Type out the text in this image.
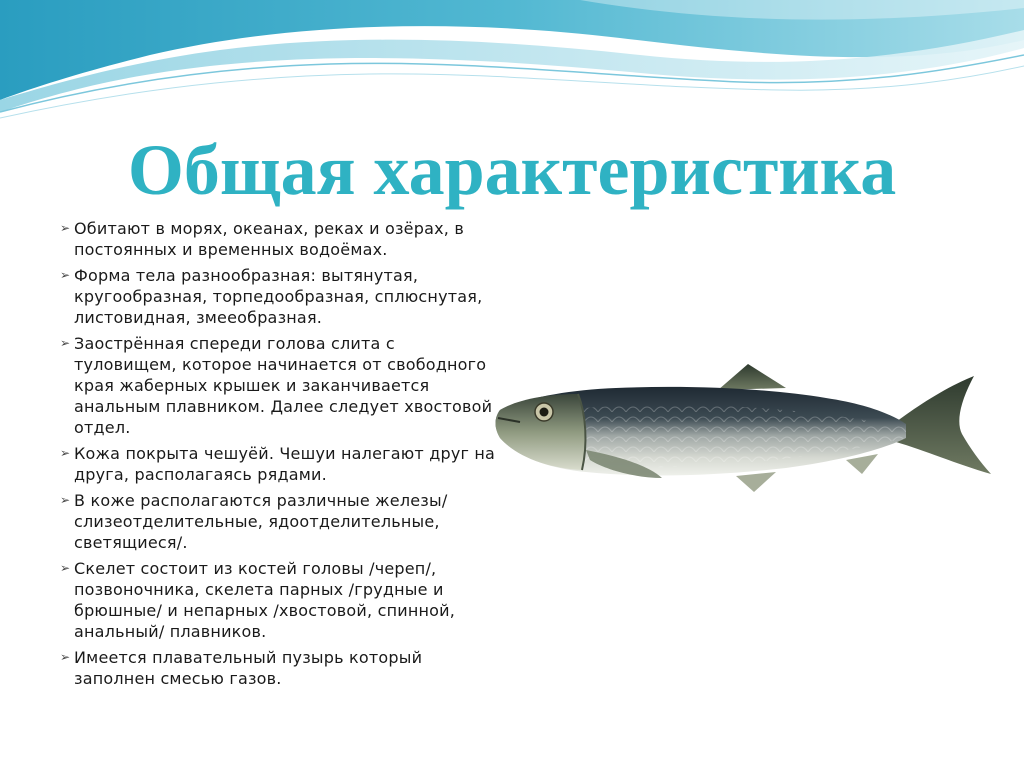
Общая характеристика
➢ Обитают в морях, океанах, реках и озёрах, в постоянных и временных водоёмах.
➢ Форма тела разнообразная: вытянутая, кругообразная, торпедообразная, сплюснутая, листовидная, змееобразная.
➢ Заострённая спереди голова слита с туловищем, которое начинается от свободного края жаберных крышек и заканчивается анальным плавником. Далее следует хвостовой отдел.
➢ Кожа покрыта чешуёй. Чешуи налегают друг на друга, располагаясь рядами.
➢ В коже располагаются различные железы/слизеотделительные, ядоотделительные, светящиеся/.
➢ Скелет состоит из костей головы /череп/, позвоночника, скелета парных /грудные и брюшные/ и непарных /хвостовой, спинной, анальный/ плавников.
➢ Имеется плавательный пузырь который заполнен смесью газов.
